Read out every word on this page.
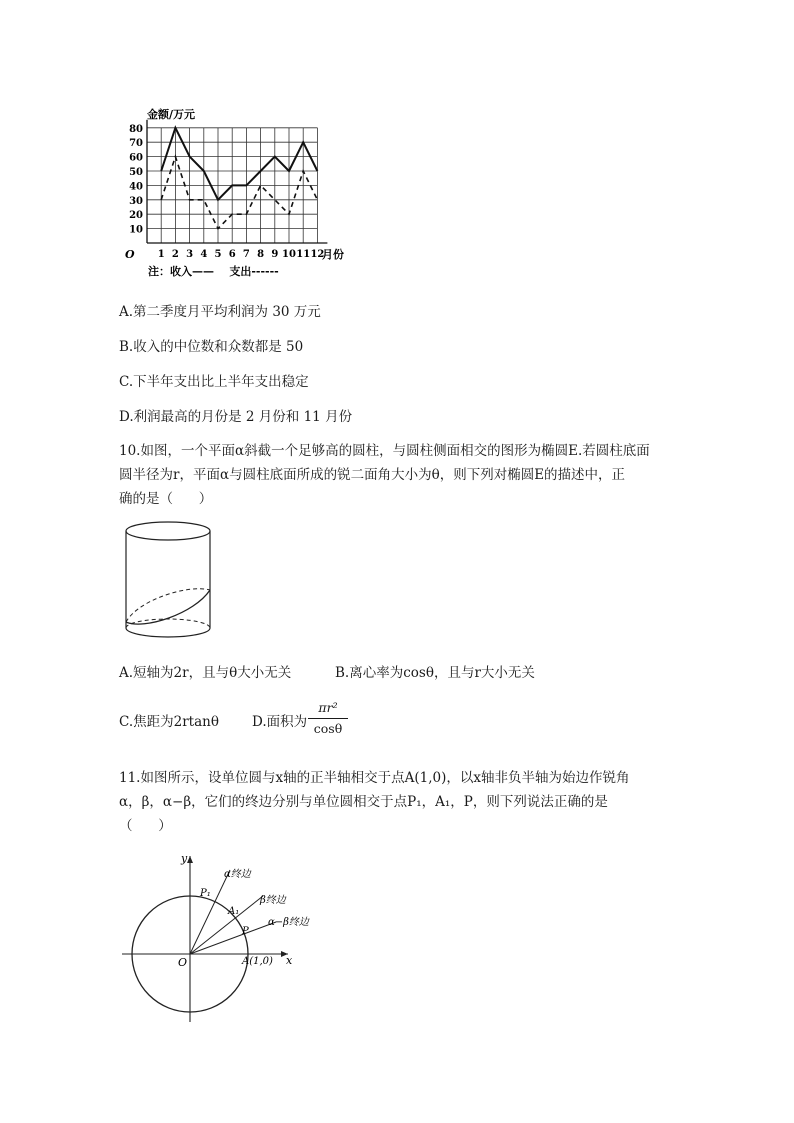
1 2 3 4 5 6 7 8 9 10 11 12
10
20
30
40
50
60
70
80
金额/万元
月份
O
注：收入——    支出------
A.第二季度月平均利润为 30 万元
B.收入的中位数和众数都是 50
C.下半年支出比上半年支出稳定
D.利润最高的月份是 2 月份和 11 月份
10.如图，一个平面α斜截一个足够高的圆柱，与圆柱侧面相交的图形为椭圆E.若圆柱底面
圆半径为r，平面α与圆柱底面所成的锐二面角大小为θ，则下列对椭圆E的描述中，正
确的是（      ）
A.短轴为2r，且与θ大小无关	B.离心率为cosθ，且与r大小无关
C.焦距为2rtanθ D.面积为
πr²
cosθ
11.如图所示，设单位圆与x轴的正半轴相交于点A(1,0)，以x轴非负半轴为始边作锐角
α，β，α−β，它们的终边分别与单位圆相交于点P₁，A₁，P，则下列说法正确的是
（      ）
y
x
O
α终边
β终边
α−β终边
P₁
A₁
P
A(1,0)
